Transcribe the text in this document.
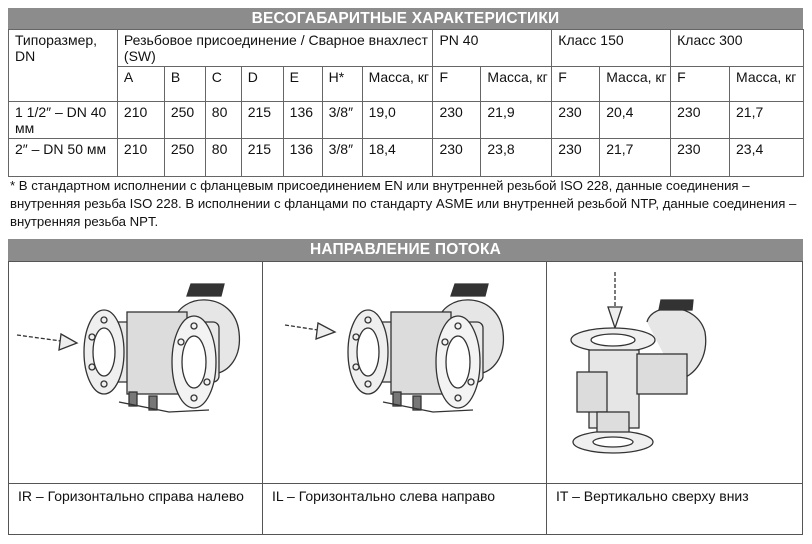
ВЕСОГАБАРИТНЫЕ ХАРАКТЕРИСТИКИ
Типоразмер, DN	Резьбовое присоединение / Сварное внахлест (SW)							PN 40		Класс 150		Класс 300	
	A	B	C	D	E	H*	Масса, кг	F	Масса, кг	F	Масса, кг	F	Масса, кг
1 1/2″ – DN 40 мм	210	250	80	215	136	3/8″	19,0	230	21,9	230	20,4	230	21,7
2″ – DN 50 мм	210	250	80	215	136	3/8″	18,4	230	23,8	230	21,7	230	23,4
* В стандартном исполнении с фланцевым присоединением EN или внутренней резьбой ISO 228, данные соединения – внутренняя резьба ISO 228. В исполнении с фланцами по стандарту ASME или внутренней резьбой NTP, данные соединения – внутренняя резьба NPT.
НАПРАВЛЕНИЕ ПОТОКА
IR – Горизонтально справа налево	IL – Горизонтально слева направо	IT – Вертикально сверху вниз
